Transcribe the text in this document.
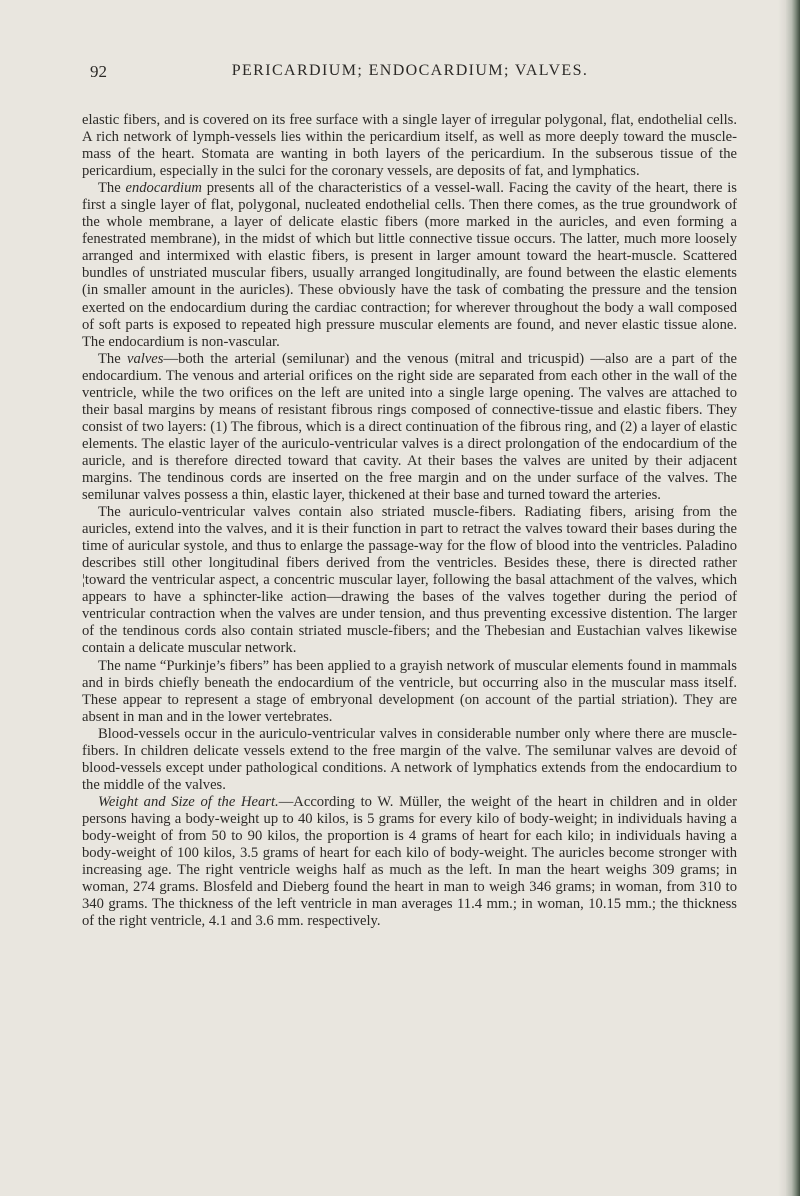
92	PERICARDIUM; ENDOCARDIUM; VALVES.

elastic fibers, and is covered on its free surface with a single layer of irregular polygonal, flat, endothelial cells. A rich network of lymph-vessels lies within the pericardium itself, as well as more deeply toward the muscle-mass of the heart. Stomata are wanting in both layers of the pericardium. In the subserous tissue of the pericardium, especially in the sulci for the coronary vessels, are deposits of fat, and lymphatics.

The endocardium presents all of the characteristics of a vessel-wall. Facing the cavity of the heart, there is first a single layer of flat, polygonal, nucleated endothelial cells. Then there comes, as the true groundwork of the whole membrane, a layer of delicate elastic fibers (more marked in the auricles, and even forming a fenestrated membrane), in the midst of which but little connective tissue occurs. The latter, much more loosely arranged and intermixed with elastic fibers, is present in larger amount toward the heart-muscle. Scattered bundles of unstriated muscular fibers, usually arranged longitudinally, are found between the elastic elements (in smaller amount in the auricles). These obviously have the task of combating the pressure and the tension exerted on the endocardium during the cardiac contraction; for wherever throughout the body a wall composed of soft parts is exposed to repeated high pressure muscular elements are found, and never elastic tissue alone. The endocardium is non-vascular.

The valves—both the arterial (semilunar) and the venous (mitral and tricuspid) —also are a part of the endocardium. The venous and arterial orifices on the right side are separated from each other in the wall of the ventricle, while the two orifices on the left are united into a single large opening. The valves are attached to their basal margins by means of resistant fibrous rings composed of connective-tissue and elastic fibers. They consist of two layers: (1) The fibrous, which is a direct continuation of the fibrous ring, and (2) a layer of elastic elements. The elastic layer of the auriculo-ventricular valves is a direct prolongation of the endocardium of the auricle, and is therefore directed toward that cavity. At their bases the valves are united by their adjacent margins. The tendinous cords are inserted on the free margin and on the under surface of the valves. The semilunar valves possess a thin, elastic layer, thickened at their base and turned toward the arteries.

The auriculo-ventricular valves contain also striated muscle-fibers. Radiating fibers, arising from the auricles, extend into the valves, and it is their function in part to retract the valves toward their bases during the time of auricular systole, and thus to enlarge the passage-way for the flow of blood into the ventricles. Paladino describes still other longitudinal fibers derived from the ventricles. Besides these, there is directed rather ¦toward the ventricular aspect, a concentric muscular layer, following the basal attachment of the valves, which appears to have a sphincter-like action—drawing the bases of the valves together during the period of ventricular contraction when the valves are under tension, and thus preventing excessive distention. The larger of the tendinous cords also contain striated muscle-fibers; and the Thebesian and Eustachian valves likewise contain a delicate muscular network.

The name “Purkinje’s fibers” has been applied to a grayish network of muscular elements found in mammals and in birds chiefly beneath the endocardium of the ventricle, but occurring also in the muscular mass itself. These appear to represent a stage of embryonal development (on account of the partial striation). They are absent in man and in the lower vertebrates.

Blood-vessels occur in the auriculo-ventricular valves in considerable number only where there are muscle-fibers. In children delicate vessels extend to the free margin of the valve. The semilunar valves are devoid of blood-vessels except under pathological conditions. A network of lymphatics extends from the endocardium to the middle of the valves.

Weight and Size of the Heart.—According to W. Müller, the weight of the heart in children and in older persons having a body-weight up to 40 kilos, is 5 grams for every kilo of body-weight; in individuals having a body-weight of from 50 to 90 kilos, the proportion is 4 grams of heart for each kilo; in individuals having a body-weight of 100 kilos, 3.5 grams of heart for each kilo of body-weight. The auricles become stronger with increasing age. The right ventricle weighs half as much as the left. In man the heart weighs 309 grams; in woman, 274 grams. Blosfeld and Dieberg found the heart in man to weigh 346 grams; in woman, from 310 to 340 grams. The thickness of the left ventricle in man averages 11.4 mm.; in woman, 10.15 mm.; the thickness of the right ventricle, 4.1 and 3.6 mm. respectively.
